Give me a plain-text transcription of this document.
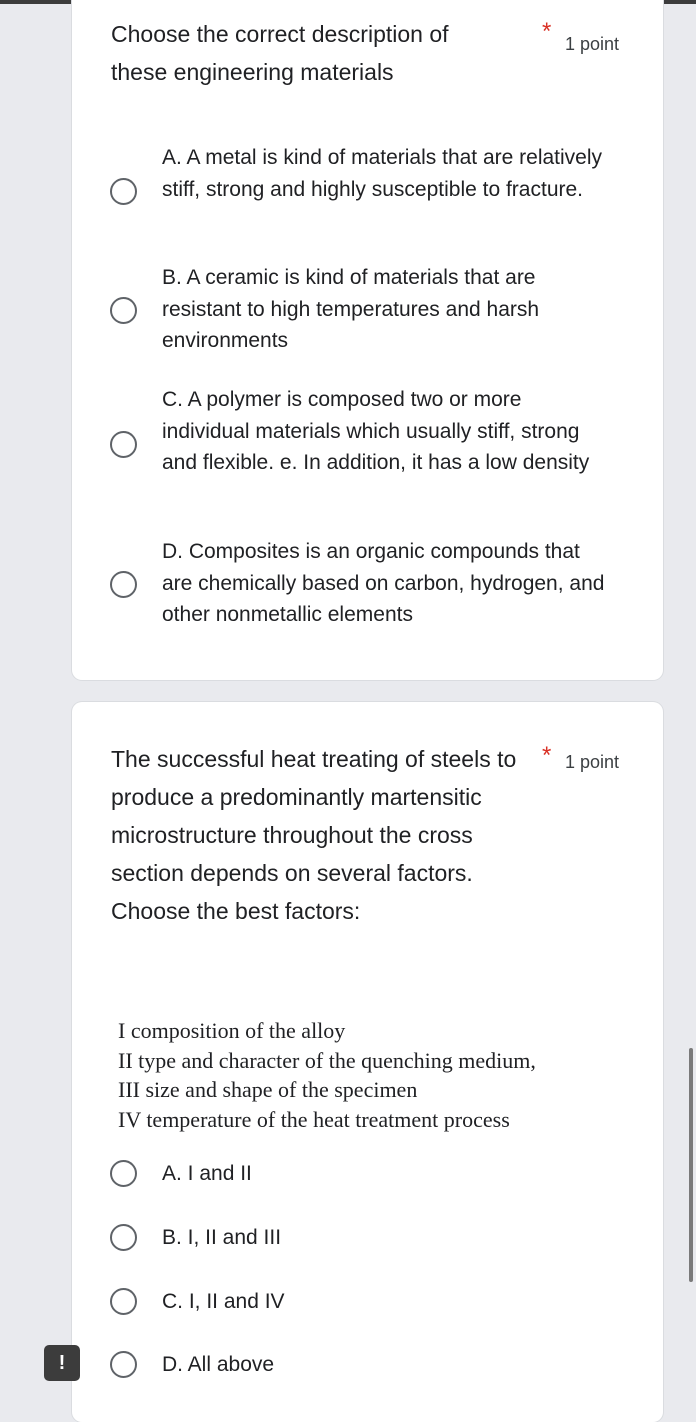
Choose the correct description of these engineering materials
* 1 point
A. A metal is kind of materials that are relatively stiff, strong and highly susceptible to fracture.
B. A ceramic is kind of materials that are resistant to high temperatures and harsh environments
C. A polymer is composed two or more individual materials which usually stiff, strong and flexible. e. In addition, it has a low density
D. Composites is an organic compounds that are chemically based on carbon, hydrogen, and other nonmetallic elements
The successful heat treating of steels to produce a predominantly martensitic microstructure throughout the cross section depends on several factors. Choose the best factors:
* 1 point
I composition of the alloy
II type and character of the quenching medium,
III size and shape of the specimen
IV temperature of the heat treatment process
A. I and II
B. I, II and III
C. I, II and IV
D. All above
!
